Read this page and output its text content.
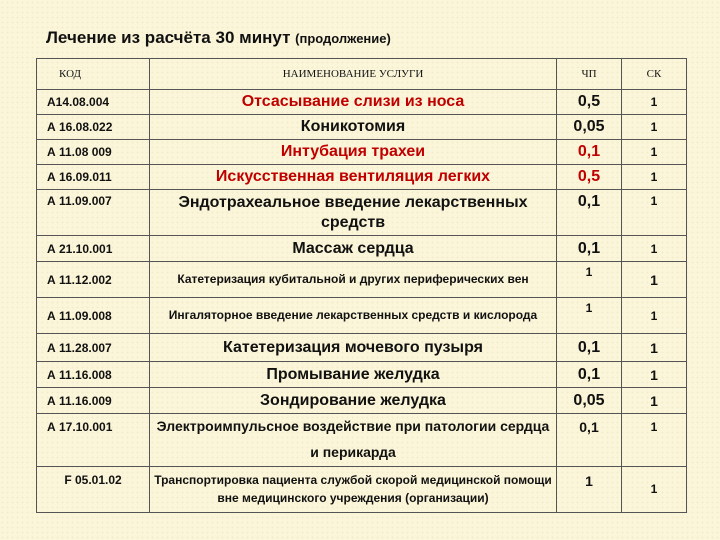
Лечение из расчёта 30 минут (продолжение)
КОД	НАИМЕНОВАНИЕ УСЛУГИ	ЧП	СК
А14.08.004	Отсасывание слизи из носа	0,5	1
А 16.08.022	Коникотомия	0,05	1
А 11.08 009	Интубация трахеи	0,1	1
А 16.09.011	Искусственная вентиляция легких	0,5	1
А 11.09.007	Эндотрахеальное введение лекарственных средств	0,1	1
А 21.10.001	Массаж сердца	0,1	1
А 11.12.002	Катетеризация кубитальной и других периферических вен	1	1
А 11.09.008	Ингаляторное введение лекарственных средств и кислорода	1	1
А 11.28.007	Катетеризация мочевого пузыря	0,1	1
А 11.16.008	Промывание желудка	0,1	1
А 11.16.009	Зондирование желудка	0,05	1
А 17.10.001	Электроимпульсное воздействие при патологии сердца и перикарда	0,1	1
F 05.01.02	Транспортировка пациента службой скорой медицинской помощи вне медицинского учреждения (организации)	1	1
